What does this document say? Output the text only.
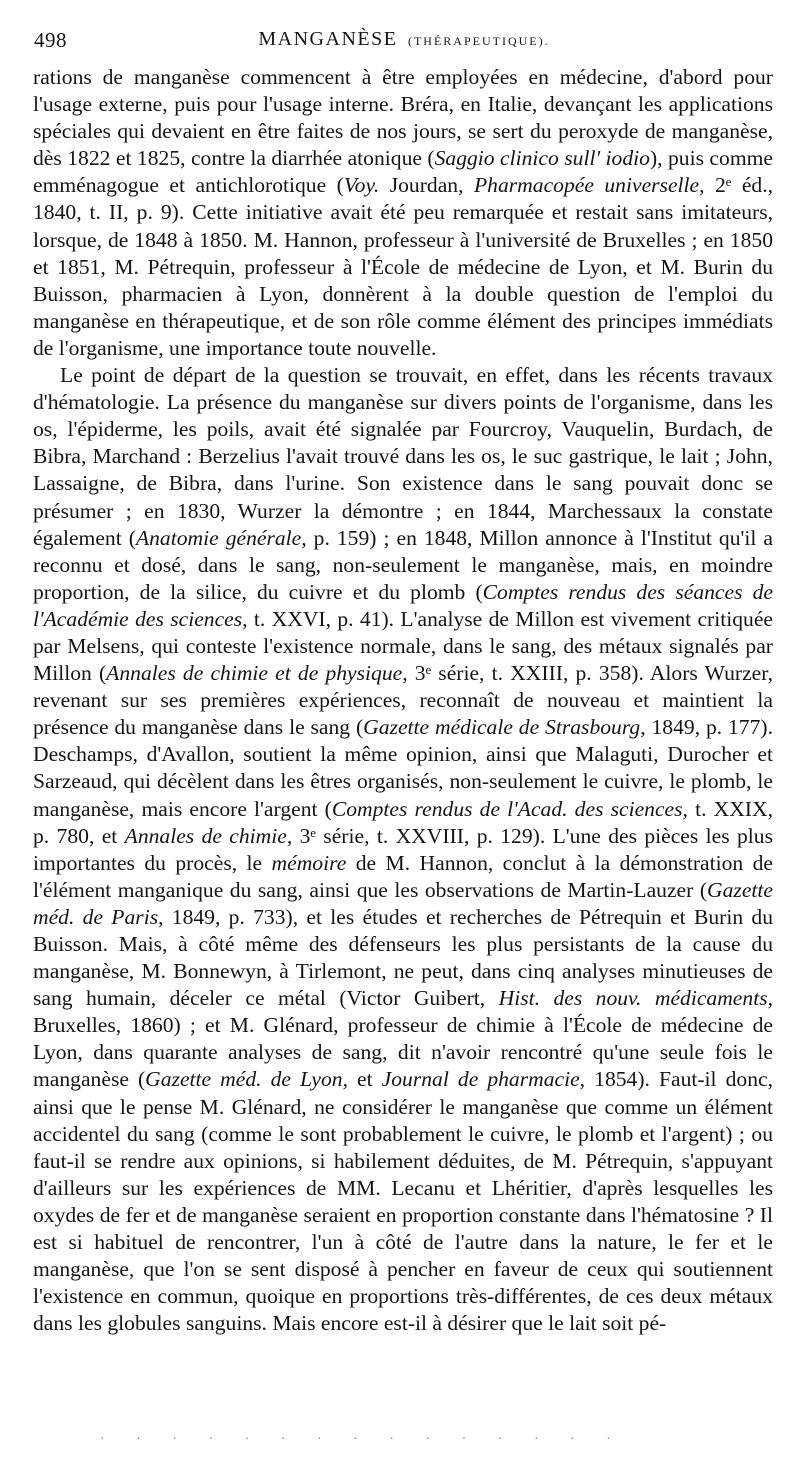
498	MANGANÈSE (THÉRAPEUTIQUE).

rations de manganèse commencent à être employées en médecine, d'abord pour l'usage externe, puis pour l'usage interne. Bréra, en Italie, devançant les applications spéciales qui devaient en être faites de nos jours, se sert du peroxyde de manganèse, dès 1822 et 1825, contre la diarrhée atonique (Saggio clinico sull' iodio), puis comme emménagogue et antichlorotique (Voy. Jourdan, Pharmacopée universelle, 2ᵉ éd., 1840, t. II, p. 9). Cette initiative avait été peu remarquée et restait sans imitateurs, lorsque, de 1848 à 1850. M. Hannon, professeur à l'université de Bruxelles ; en 1850 et 1851, M. Pétrequin, professeur à l'École de médecine de Lyon, et M. Burin du Buisson, pharmacien à Lyon, donnèrent à la double question de l'emploi du manganèse en thérapeutique, et de son rôle comme élément des principes immédiats de l'organisme, une importance toute nouvelle.

Le point de départ de la question se trouvait, en effet, dans les récents travaux d'hématologie. La présence du manganèse sur divers points de l'organisme, dans les os, l'épiderme, les poils, avait été signalée par Fourcroy, Vauquelin, Burdach, de Bibra, Marchand : Berzelius l'avait trouvé dans les os, le suc gastrique, le lait ; John, Lassaigne, de Bibra, dans l'urine. Son existence dans le sang pouvait donc se présumer ; en 1830, Wurzer la démontre ; en 1844, Marchessaux la constate également (Anatomie générale, p. 159) ; en 1848, Millon annonce à l'Institut qu'il a reconnu et dosé, dans le sang, non-seulement le manganèse, mais, en moindre proportion, de la silice, du cuivre et du plomb (Comptes rendus des séances de l'Académie des sciences, t. XXVI, p. 41). L'analyse de Millon est vivement critiquée par Melsens, qui conteste l'existence normale, dans le sang, des métaux signalés par Millon (Annales de chimie et de physique, 3ᵉ série, t. XXIII, p. 358). Alors Wurzer, revenant sur ses premières expériences, reconnaît de nouveau et maintient la présence du manganèse dans le sang (Gazette médicale de Strasbourg, 1849, p. 177). Deschamps, d'Avallon, soutient la même opinion, ainsi que Malaguti, Durocher et Sarzeaud, qui décèlent dans les êtres organisés, non-seulement le cuivre, le plomb, le manganèse, mais encore l'argent (Comptes rendus de l'Acad. des sciences, t. XXIX, p. 780, et Annales de chimie, 3ᵉ série, t. XXVIII, p. 129). L'une des pièces les plus importantes du procès, le mémoire de M. Hannon, conclut à la démonstration de l'élément manganique du sang, ainsi que les observations de Martin-Lauzer (Gazette méd. de Paris, 1849, p. 733), et les études et recherches de Pétrequin et Burin du Buisson. Mais, à côté même des défenseurs les plus persistants de la cause du manganèse, M. Bonnewyn, à Tirlemont, ne peut, dans cinq analyses minutieuses de sang humain, déceler ce métal (Victor Guibert, Hist. des nouv. médicaments, Bruxelles, 1860) ; et M. Glénard, professeur de chimie à l'École de médecine de Lyon, dans quarante analyses de sang, dit n'avoir rencontré qu'une seule fois le manganèse (Gazette méd. de Lyon, et Journal de pharmacie, 1854). Faut-il donc, ainsi que le pense M. Glénard, ne considérer le manganèse que comme un élément accidentel du sang (comme le sont probablement le cuivre, le plomb et l'argent) ; ou faut-il se rendre aux opinions, si habilement déduites, de M. Pétrequin, s'appuyant d'ailleurs sur les expériences de MM. Lecanu et Lhéritier, d'après lesquelles les oxydes de fer et de manganèse seraient en proportion constante dans l'hématosine ? Il est si habituel de rencontrer, l'un à côté de l'autre dans la nature, le fer et le manganèse, que l'on se sent disposé à pencher en faveur de ceux qui soutiennent l'existence en commun, quoique en proportions très-différentes, de ces deux métaux dans les globules sanguins. Mais encore est-il à désirer que le lait soit pé-

· · · · · · · · · · · · · · ·
